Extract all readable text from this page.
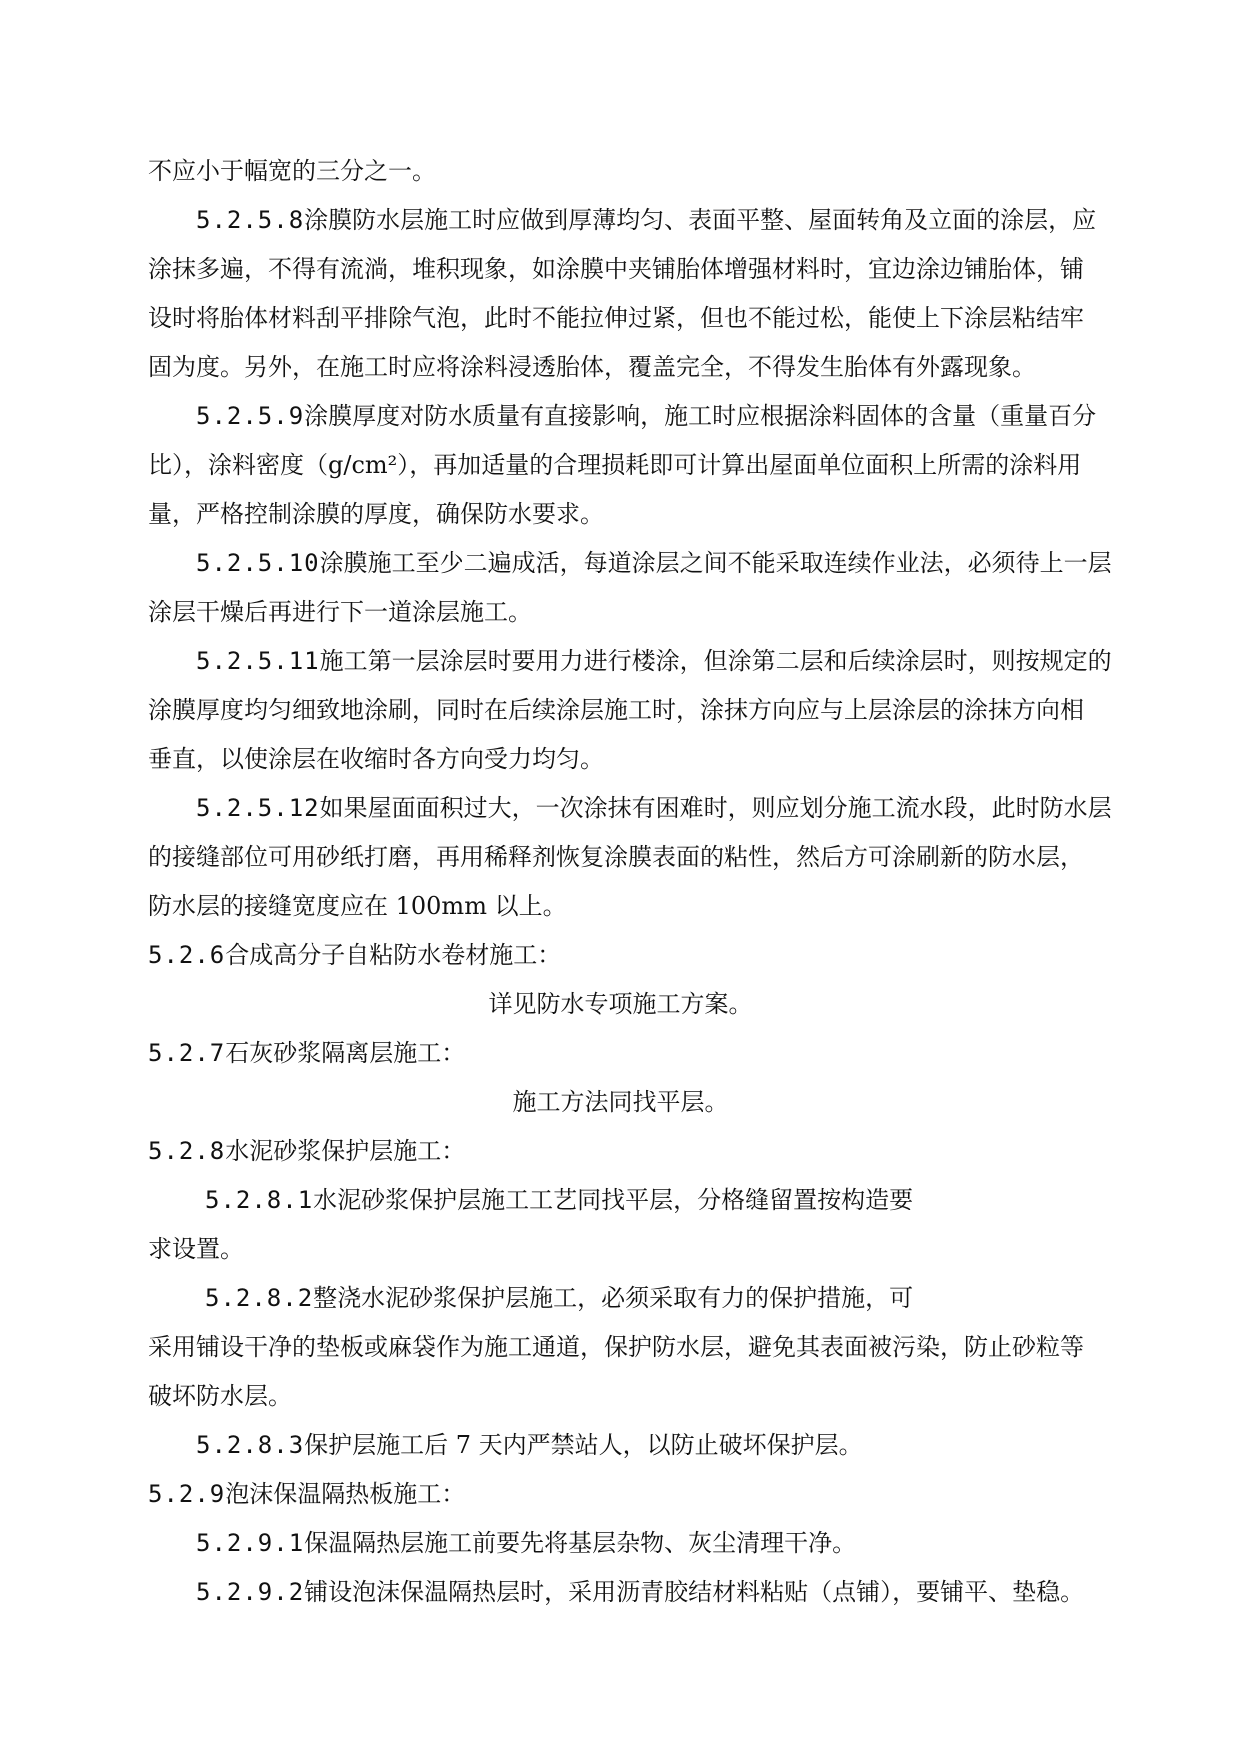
不应小于幅宽的三分之一。

5.2.5.8涂膜防水层施工时应做到厚薄均匀、表面平整、屋面转角及立面的涂层，应

涂抹多遍，不得有流淌，堆积现象，如涂膜中夹铺胎体增强材料时，宜边涂边铺胎体，铺

设时将胎体材料刮平排除气泡，此时不能拉伸过紧，但也不能过松，能使上下涂层粘结牢

固为度。另外，在施工时应将涂料浸透胎体，覆盖完全，不得发生胎体有外露现象。

5.2.5.9涂膜厚度对防水质量有直接影响，施工时应根据涂料固体的含量（重量百分

比），涂料密度（g/cm²），再加适量的合理损耗即可计算出屋面单位面积上所需的涂料用

量，严格控制涂膜的厚度，确保防水要求。

5.2.5.10涂膜施工至少二遍成活，每道涂层之间不能采取连续作业法，必须待上一层

涂层干燥后再进行下一道涂层施工。

5.2.5.11施工第一层涂层时要用力进行楼涂，但涂第二层和后续涂层时，则按规定的

涂膜厚度均匀细致地涂刷，同时在后续涂层施工时，涂抹方向应与上层涂层的涂抹方向相

垂直，以使涂层在收缩时各方向受力均匀。

5.2.5.12如果屋面面积过大，一次涂抹有困难时，则应划分施工流水段，此时防水层

的接缝部位可用砂纸打磨，再用稀释剂恢复涂膜表面的粘性，然后方可涂刷新的防水层，

防水层的接缝宽度应在 100mm 以上。

5.2.6合成高分子自粘防水卷材施工：

详见防水专项施工方案。

5.2.7石灰砂浆隔离层施工：

施工方法同找平层。

5.2.8水泥砂浆保护层施工：

5.2.8.1水泥砂浆保护层施工工艺同找平层，分格缝留置按构造要

求设置。

5.2.8.2整浇水泥砂浆保护层施工，必须采取有力的保护措施，可

采用铺设干净的垫板或麻袋作为施工通道，保护防水层，避免其表面被污染，防止砂粒等

破坏防水层。

5.2.8.3保护层施工后 7 天内严禁站人，以防止破坏保护层。

5.2.9泡沫保温隔热板施工：

5.2.9.1保温隔热层施工前要先将基层杂物、灰尘清理干净。

5.2.9.2铺设泡沫保温隔热层时，采用沥青胶结材料粘贴（点铺），要铺平、垫稳。
